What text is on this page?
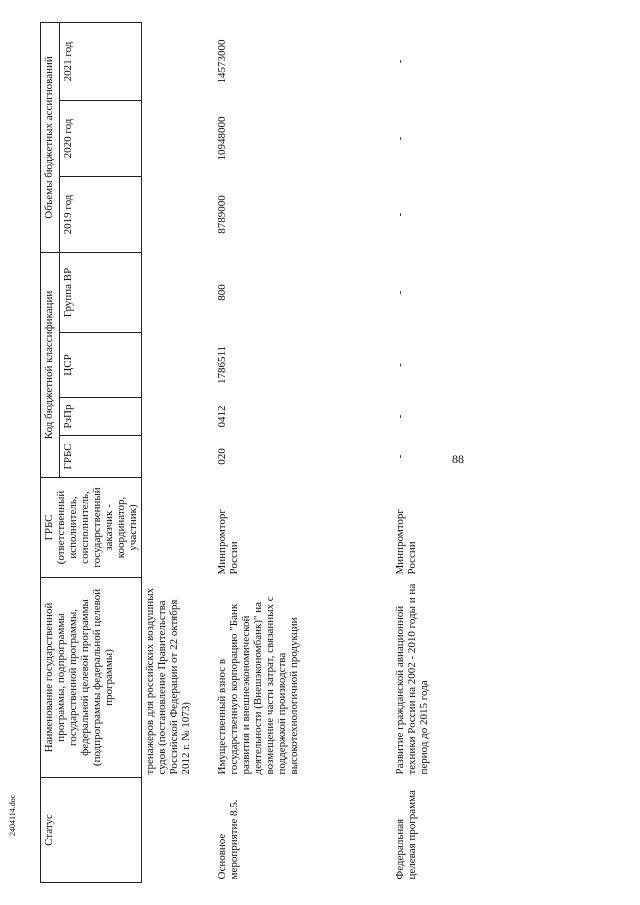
88
2404114.doc Статус	Наименование государственной программы, подпрограммы государственной программы, федеральной целевой программы (подпрограммы федеральной целевой программы)	ГРБС (ответственный исполнитель, соисполнитель, государственный заказчик - координатор, участник)	Код бюджетной классификации				Объемы бюджетных ассигнований		
			ГРБС	РзПр	ЦСР	Группа ВР	2019 год	2020 год	2021 год
	тренажеров для российских воздушных судов (постановление Правительства Российской Федерации от 22 октября 2012 г. № 1073)								
Основное мероприятие 8.5.	Имущественный взнос в государственную корпорацию "Банк развития и внешнеэкономической деятельности (Внешэкономбанк)" на возмещение части затрат, связанных с поддержкой производства высокотехнологичной продукции	Минпромторг России	020	0412	1786511	800	8789000	10948000	14573000
Федеральная целевая программа	Развитие гражданской авиационной техники России на 2002 - 2010 годы и на период до 2015 года	Минпромторг России	-	-	-	-	-	-	-
